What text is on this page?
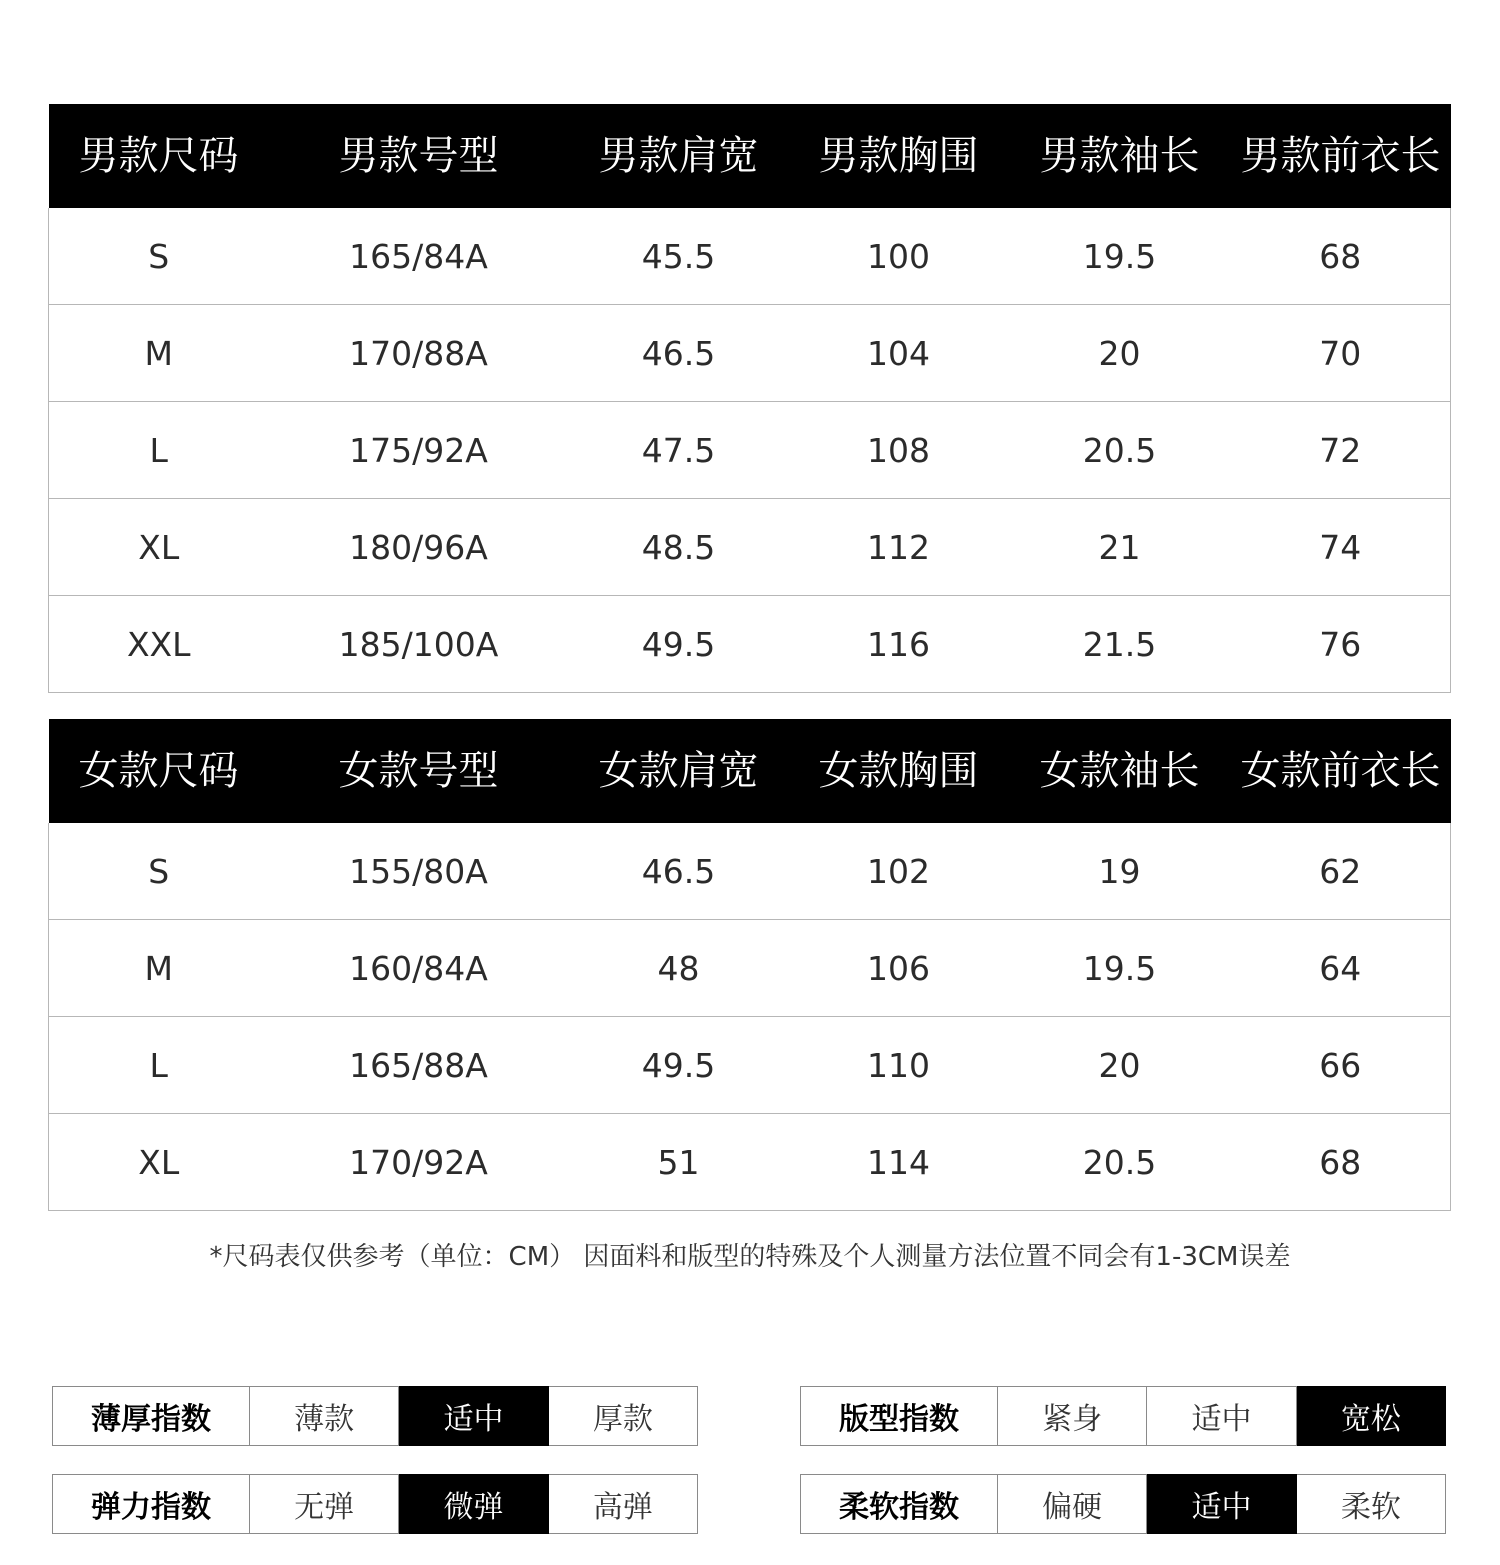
男款尺码	男款号型	男款肩宽	男款胸围	男款袖长	男款前衣长
S	165/84A	45.5	100	19.5	68
M	170/88A	46.5	104	20	70
L	175/92A	47.5	108	20.5	72
XL	180/96A	48.5	112	21	74
XXL	185/100A	49.5	116	21.5	76
女款尺码	女款号型	女款肩宽	女款胸围	女款袖长	女款前衣长
S	155/80A	46.5	102	19	62
M	160/84A	48	106	19.5	64
L	165/88A	49.5	110	20	66
XL	170/92A	51	114	20.5	68
*尺码表仅供参考（单位：CM） 因面料和版型的特殊及个人测量方法位置不同会有1-3CM误差
薄厚指数	薄款	适中	厚款	版型指数	紧身	适中	宽松
弹力指数	无弹	微弹	高弹	柔软指数	偏硬	适中	柔软
